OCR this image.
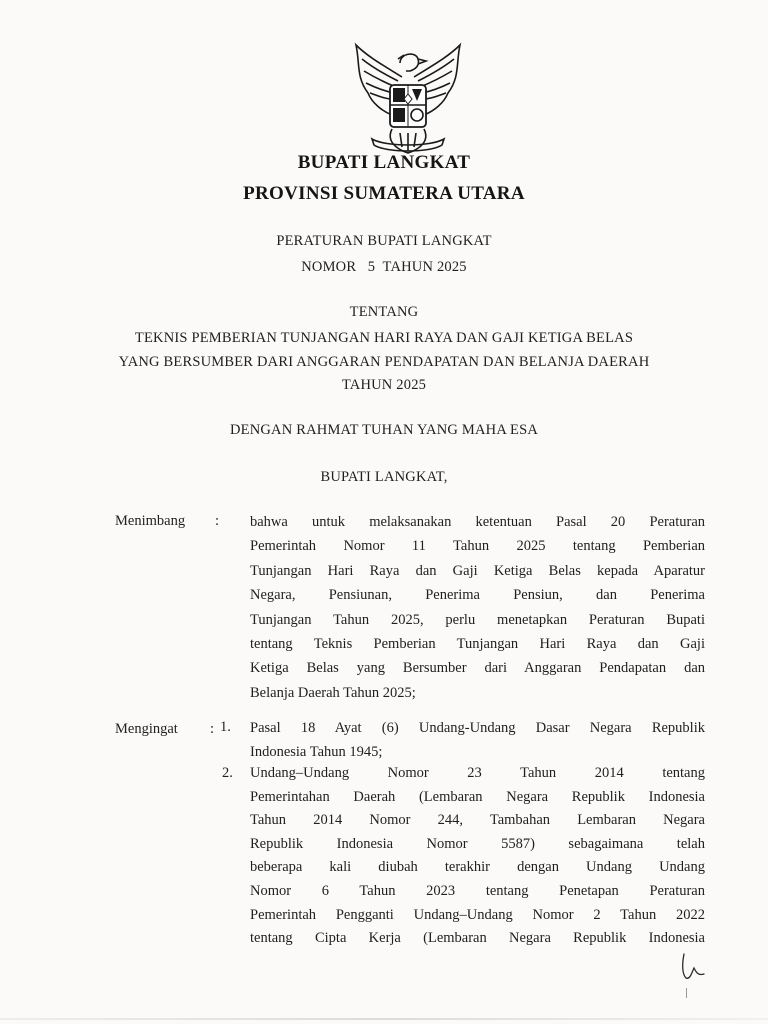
BUPATI LANGKAT
PROVINSI SUMATERA UTARA
PERATURAN BUPATI LANGKAT
NOMOR   5  TAHUN 2025
TENTANG
TEKNIS PEMBERIAN TUNJANGAN HARI RAYA DAN GAJI KETIGA BELAS
YANG BERSUMBER DARI ANGGARAN PENDAPATAN DAN BELANJA DAERAH
TAHUN 2025
DENGAN RAHMAT TUHAN YANG MAHA ESA
BUPATI LANGKAT,
Menimbang : bahwa untuk melaksanakan ketentuan Pasal 20 Peraturan
Pemerintah Nomor 11 Tahun 2025 tentang Pemberian
Tunjangan Hari Raya dan Gaji Ketiga Belas kepada Aparatur
Negara, Pensiunan, Penerima Pensiun, dan Penerima
Tunjangan Tahun 2025, perlu menetapkan Peraturan Bupati
tentang Teknis Pemberian Tunjangan Hari Raya dan Gaji
Ketiga Belas yang Bersumber dari Anggaran Pendapatan dan
Belanja Daerah Tahun 2025;
Mengingat : 1. Pasal 18 Ayat (6) Undang-Undang Dasar Negara Republik
Indonesia Tahun 1945;
2. Undang–Undang Nomor 23 Tahun 2014 tentang
Pemerintahan Daerah (Lembaran Negara Republik Indonesia
Tahun 2014 Nomor 244, Tambahan Lembaran Negara
Republik Indonesia Nomor 5587) sebagaimana telah
beberapa kali diubah terakhir dengan Undang Undang
Nomor 6 Tahun 2023 tentang Penetapan Peraturan
Pemerintah Pengganti Undang–Undang Nomor 2 Tahun 2022
tentang Cipta Kerja (Lembaran Negara Republik Indonesia
